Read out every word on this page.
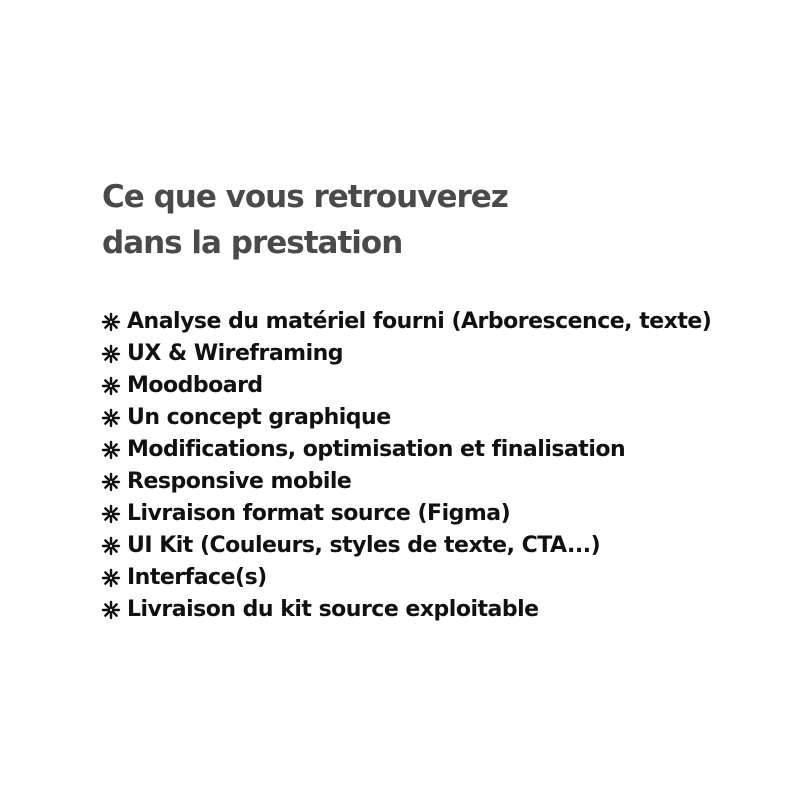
Ce que vous retrouverez
dans la prestation
Analyse du matériel fourni (Arborescence, texte)
UX & Wireframing
Moodboard
Un concept graphique
Modifications, optimisation et finalisation
Responsive mobile
Livraison format source (Figma)
UI Kit (Couleurs, styles de texte, CTA...)
Interface(s)
Livraison du kit source exploitable
